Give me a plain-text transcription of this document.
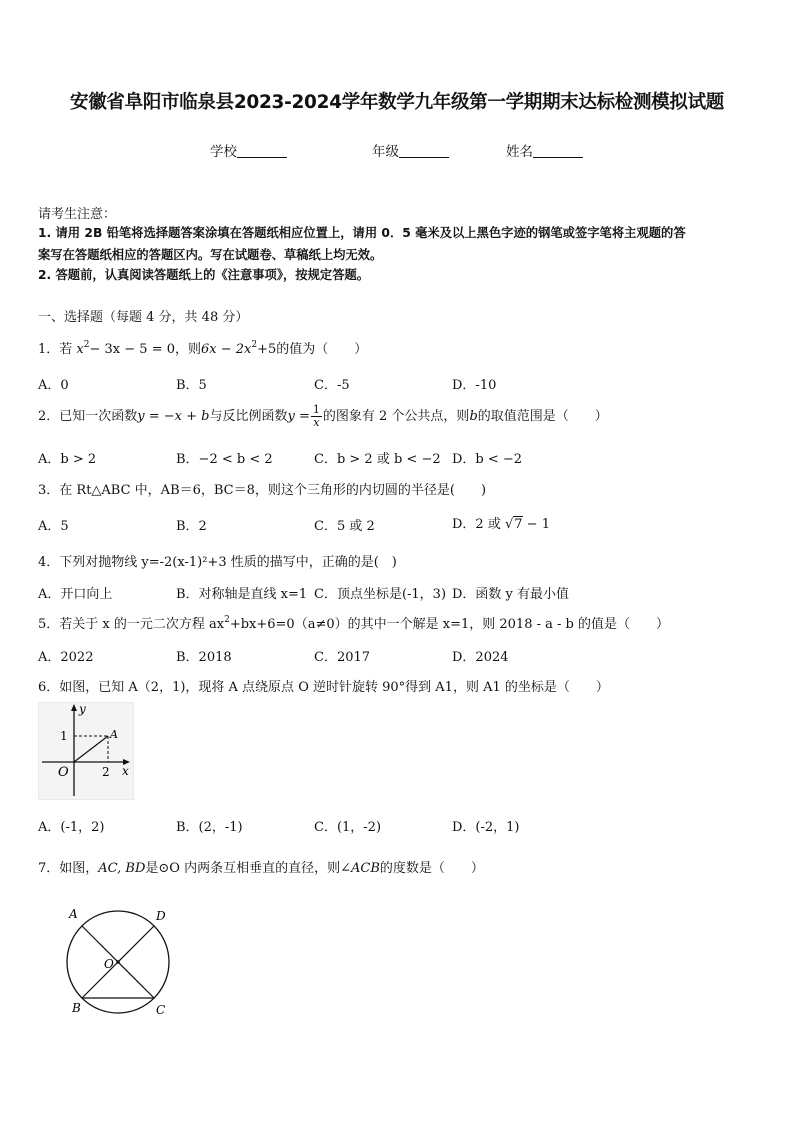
安徽省阜阳市临泉县2023-2024学年数学九年级第一学期期末达标检测模拟试题
学校	年级	姓名
请考生注意：
1. 请用 2B 铅笔将选择题答案涂填在答题纸相应位置上，请用 0．5 毫米及以上黑色字迹的钢笔或签字笔将主观题的答
案写在答题纸相应的答题区内。写在试题卷、草稿纸上均无效。
2. 答题前，认真阅读答题纸上的《注意事项》，按规定答题。
一、选择题（每题 4 分，共 48 分）
1．若 $x^2- 3x - 5 = 0$，则$6x - 2x^2+5$的值为（　　）
A．0	B．5	C．-5	D．-10
2．已知一次函数y = −x + b与反比例函数$y = \frac{1}{x}$ 的图象有 2 个公共点，则b的取值范围是（　　）
A．b > 2	B．−2 < b < 2	C．b > 2 或 b < −2 D．b < −2
3．在 Rt△ABC 中，AB＝6，BC＝8，则这个三角形的内切圆的半径是(　　)
A．5	B．2	C．5 或 2	D．2 或 √7 − 1
4．下列对抛物线 y=-2(x-1)²+3 性质的描写中，正确的是(　)
A．开口向上	B．对称轴是直线 x=1 C．顶点坐标是(-1，3) D．函数 y 有最小值
5．若关于 x 的一元二次方程 $ax^2+bx+6=0(a\ne 0)$的其中一个解是 x=1，则 2018 - a - b 的值是（　　）
A．2022	B．2018	C．2017	D．2024
6．如图，已知 A（2，1)，现将 A 点绕原点 O 逆时针旋转 90°得到 A1，则 A1 的坐标是（　　）
y
x
O
1
2
A
A．(-1，2)	B．(2，-1)	C．(1，-2)	D．(-2，1)
7．如图，AC, BD是⊙O 内两条互相垂直的直径，则∠ACB的度数是（　　）
A	D
B	C
O
